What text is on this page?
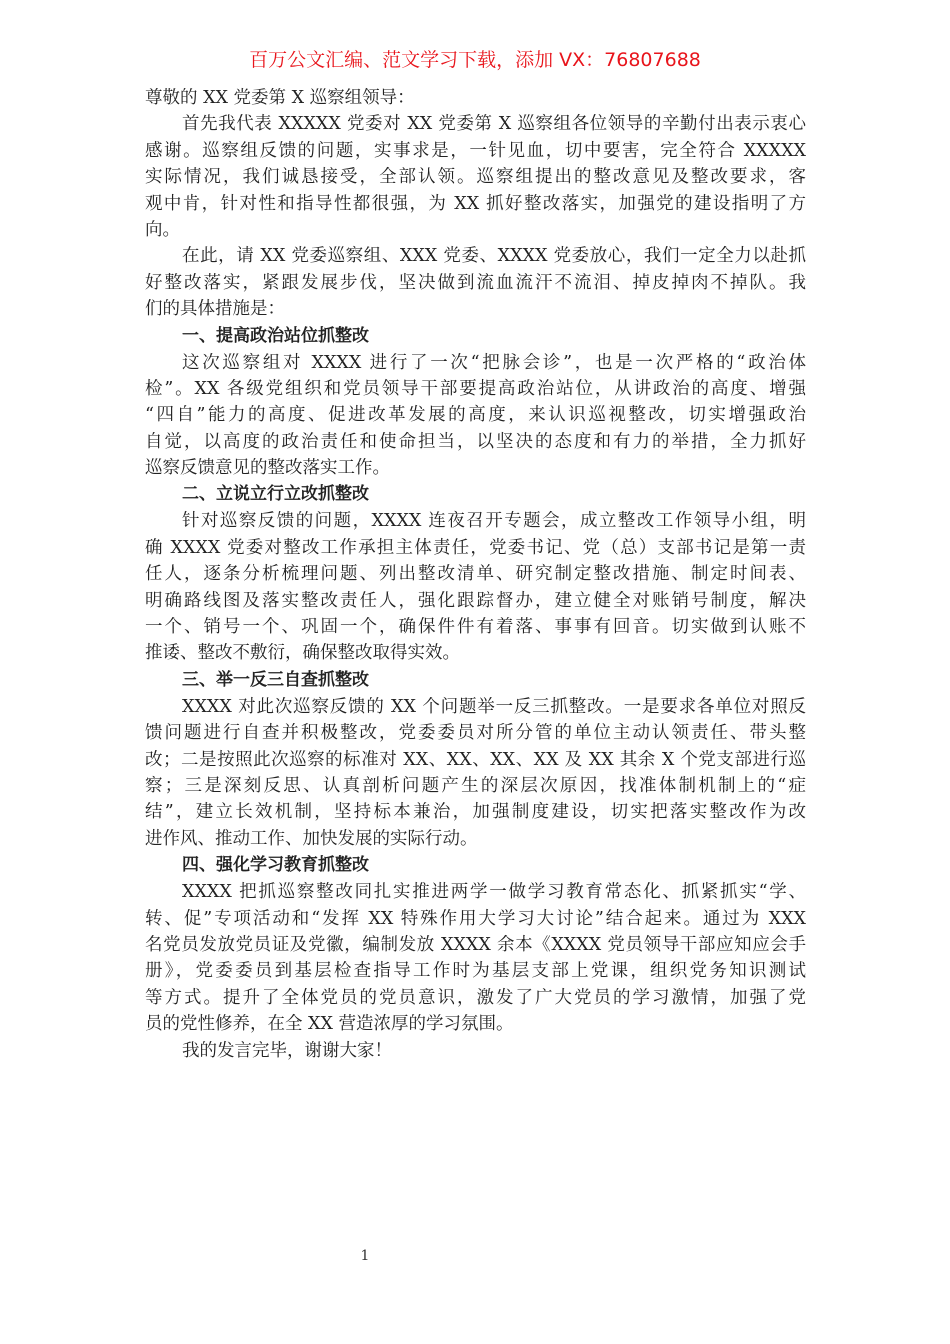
百万公文汇编、范文学习下载，添加 VX：76807688
尊敬的 XX 党委第 X 巡察组领导：
首先我代表 XXXXX 党委对 XX 党委第 X 巡察组各位领导的辛勤付出表示衷心
感谢。巡察组反馈的问题，实事求是，一针见血，切中要害，完全符合 XXXXX
实际情况，我们诚恳接受，全部认领。巡察组提出的整改意见及整改要求，客
观中肯，针对性和指导性都很强，为 XX 抓好整改落实，加强党的建设指明了方
向。
在此，请 XX 党委巡察组、XXX 党委、XXXX 党委放心，我们一定全力以赴抓
好整改落实，紧跟发展步伐，坚决做到流血流汗不流泪、掉皮掉肉不掉队。我
们的具体措施是：
一、提高政治站位抓整改
这次巡察组对 XXXX 进行了一次“把脉会诊”，也是一次严格的“政治体
检”。XX 各级党组织和党员领导干部要提高政治站位，从讲政治的高度、增强
“四自”能力的高度、促进改革发展的高度，来认识巡视整改，切实增强政治
自觉，以高度的政治责任和使命担当，以坚决的态度和有力的举措，全力抓好
巡察反馈意见的整改落实工作。
二、立说立行立改抓整改
针对巡察反馈的问题，XXXX 连夜召开专题会，成立整改工作领导小组，明
确 XXXX 党委对整改工作承担主体责任，党委书记、党（总）支部书记是第一责
任人，逐条分析梳理问题、列出整改清单、研究制定整改措施、制定时间表、
明确路线图及落实整改责任人，强化跟踪督办，建立健全对账销号制度，解决
一个、销号一个、巩固一个，确保件件有着落、事事有回音。切实做到认账不
推诿、整改不敷衍，确保整改取得实效。
三、举一反三自查抓整改
XXXX 对此次巡察反馈的 XX 个问题举一反三抓整改。一是要求各单位对照反
馈问题进行自查并积极整改，党委委员对所分管的单位主动认领责任、带头整
改；二是按照此次巡察的标准对 XX、XX、XX、XX 及 XX 其余 X 个党支部进行巡
察；三是深刻反思、认真剖析问题产生的深层次原因，找准体制机制上的“症
结”，建立长效机制，坚持标本兼治，加强制度建设，切实把落实整改作为改
进作风、推动工作、加快发展的实际行动。
四、强化学习教育抓整改
XXXX 把抓巡察整改同扎实推进两学一做学习教育常态化、抓紧抓实“学、
转、促”专项活动和“发挥 XX 特殊作用大学习大讨论”结合起来。通过为 XXX
名党员发放党员证及党徽，编制发放 XXXX 余本《XXXX 党员领导干部应知应会手
册》，党委委员到基层检查指导工作时为基层支部上党课，组织党务知识测试
等方式。提升了全体党员的党员意识，激发了广大党员的学习激情，加强了党
员的党性修养，在全 XX 营造浓厚的学习氛围。
我的发言完毕，谢谢大家！
1
